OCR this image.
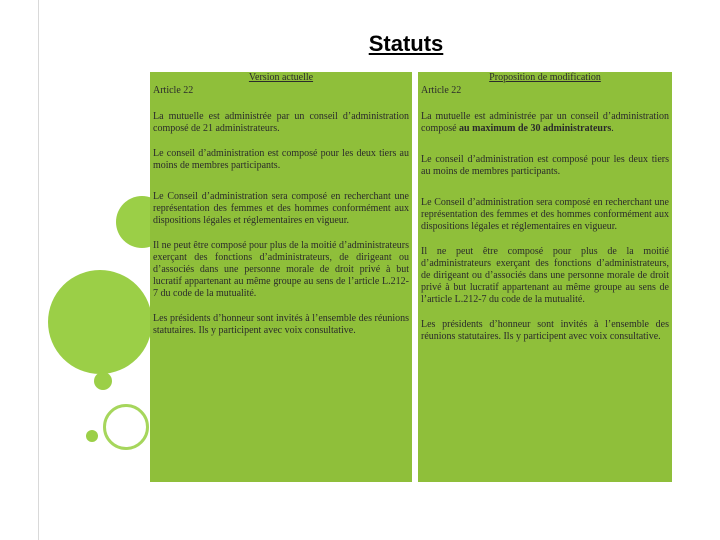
Statuts
Version actuelle
Article 22

La mutuelle est administrée par un conseil d’administration composé de 21 administrateurs.

Le conseil d’administration est composé pour les deux tiers au moins de membres participants.

Le Conseil d’administration sera composé en recherchant une représentation des femmes et des hommes conformément aux dispositions légales et réglementaires en vigueur.

Il ne peut être composé pour plus de la moitié d’administrateurs exerçant des fonctions d’administrateurs, de dirigeant ou d’associés dans une personne morale de droit privé à but lucratif appartenant au même groupe au sens de l’article L.212-7 du code de la mutualité.

Les présidents d’honneur sont invités à l’ensemble des réunions statutaires. Ils y participent avec voix consultative.

Proposition de modification
Article 22

La mutuelle est administrée par un conseil d’administration composé au maximum de 30 administrateurs.

Le conseil d’administration est composé pour les deux tiers au moins de membres participants.

Le Conseil d’administration sera composé en recherchant une représentation des femmes et des hommes conformément aux dispositions légales et réglementaires en vigueur.

Il ne peut être composé pour plus de la moitié d’administrateurs exerçant des fonctions d’administrateurs, de dirigeant ou d’associés dans une personne morale de droit privé à but lucratif appartenant au même groupe au sens de l’article L.212-7 du code de la mutualité.

Les présidents d’honneur sont invités à l’ensemble des réunions statutaires. Ils y participent avec voix consultative.
